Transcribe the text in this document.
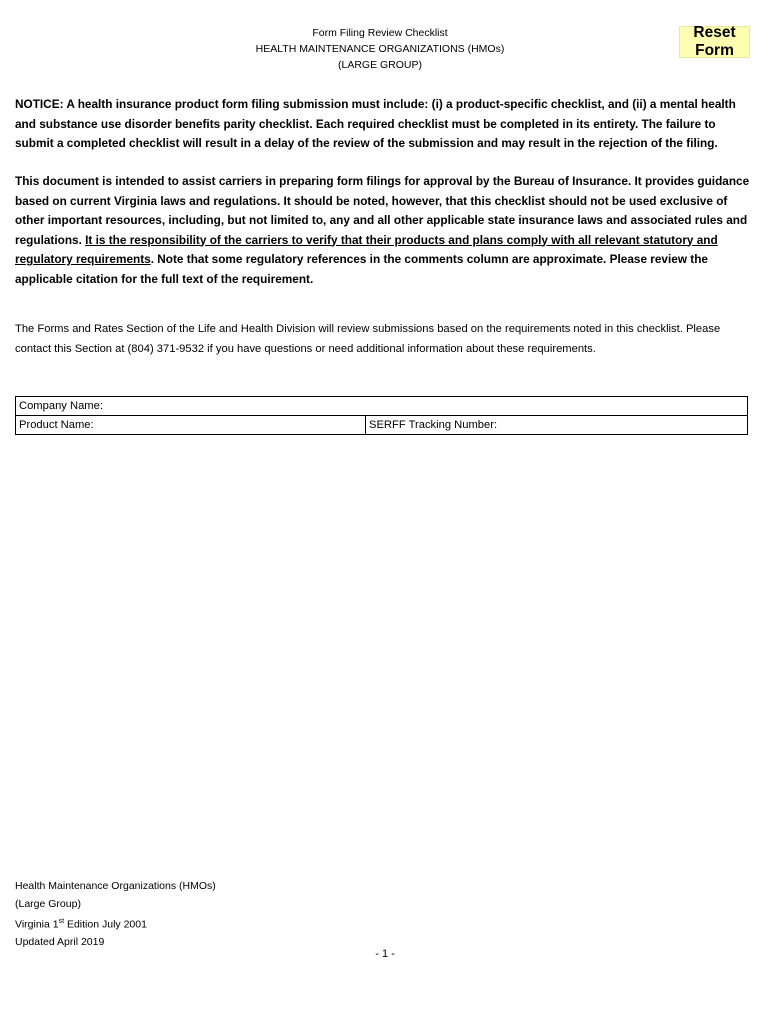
Form Filing Review Checklist
HEALTH MAINTENANCE ORGANIZATIONS (HMOs)
(LARGE GROUP)
Reset Form
NOTICE: A health insurance product form filing submission must include: (i) a product-specific checklist, and (ii) a mental health and substance use disorder benefits parity checklist. Each required checklist must be completed in its entirety. The failure to submit a completed checklist will result in a delay of the review of the submission and may result in the rejection of the filing.
This document is intended to assist carriers in preparing form filings for approval by the Bureau of Insurance. It provides guidance based on current Virginia laws and regulations. It should be noted, however, that this checklist should not be used exclusive of other important resources, including, but not limited to, any and all other applicable state insurance laws and associated rules and regulations. It is the responsibility of the carriers to verify that their products and plans comply with all relevant statutory and regulatory requirements. Note that some regulatory references in the comments column are approximate. Please review the applicable citation for the full text of the requirement.
The Forms and Rates Section of the Life and Health Division will review submissions based on the requirements noted in this checklist. Please contact this Section at (804) 371-9532 if you have questions or need additional information about these requirements.
Company Name:
Product Name:	SERFF Tracking Number:
Health Maintenance Organizations (HMOs)
(Large Group)
Virginia 1st Edition July 2001
Updated April 2019
- 1 -
